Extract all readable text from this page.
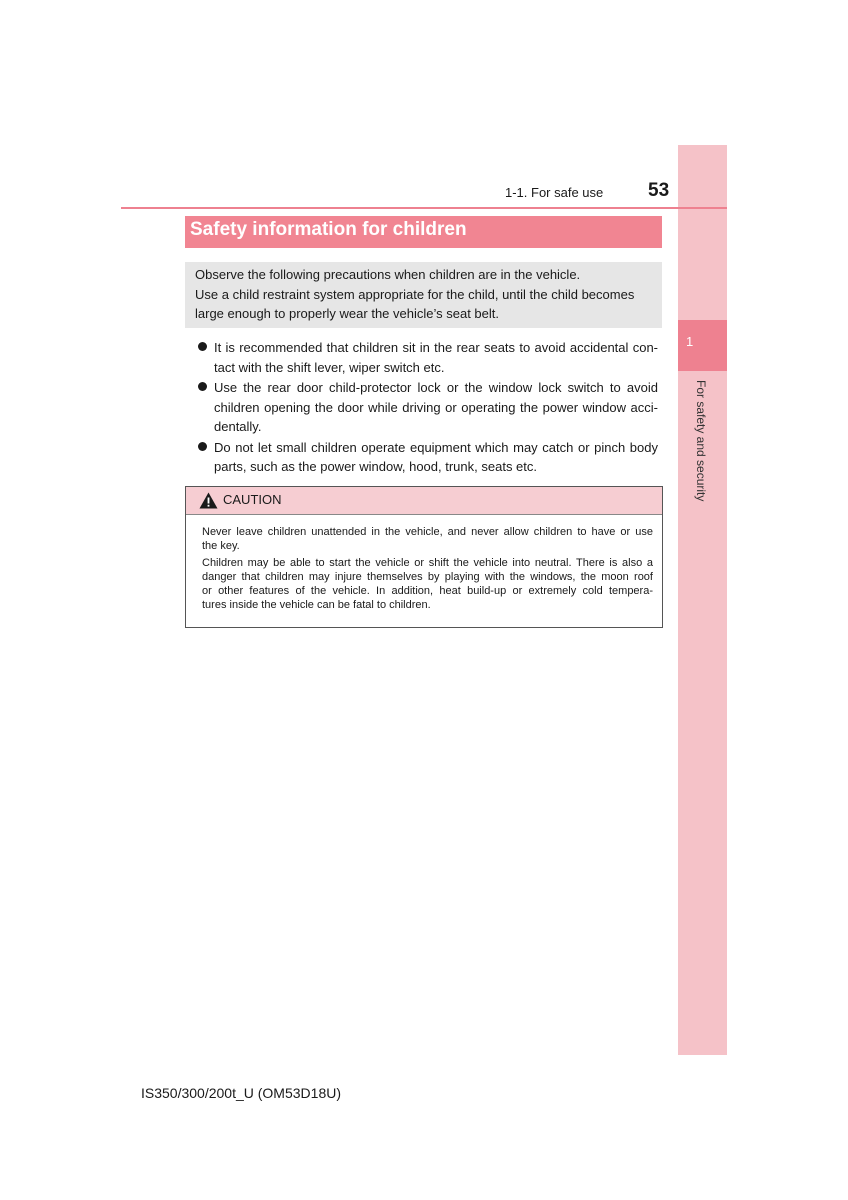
1
For safety and security
1-1. For safe use 53
Safety information for children
Observe the following precautions when children are in the vehicle.
Use a child restraint system appropriate for the child, until the child becomes
large enough to properly wear the vehicle’s seat belt.
It is recommended that children sit in the rear seats to avoid accidental con-
tact with the shift lever, wiper switch etc.
Use the rear door child-protector lock or the window lock switch to avoid
children opening the door while driving or operating the power window acci-
dentally.
Do not let small children operate equipment which may catch or pinch body
parts, such as the power window, hood, trunk, seats etc.
CAUTION
Never leave children unattended in the vehicle, and never allow children to have or use
the key.
Children may be able to start the vehicle or shift the vehicle into neutral. There is also a
danger that children may injure themselves by playing with the windows, the moon roof
or other features of the vehicle. In addition, heat build-up or extremely cold tempera-
tures inside the vehicle can be fatal to children.
IS350/300/200t_U (OM53D18U)
